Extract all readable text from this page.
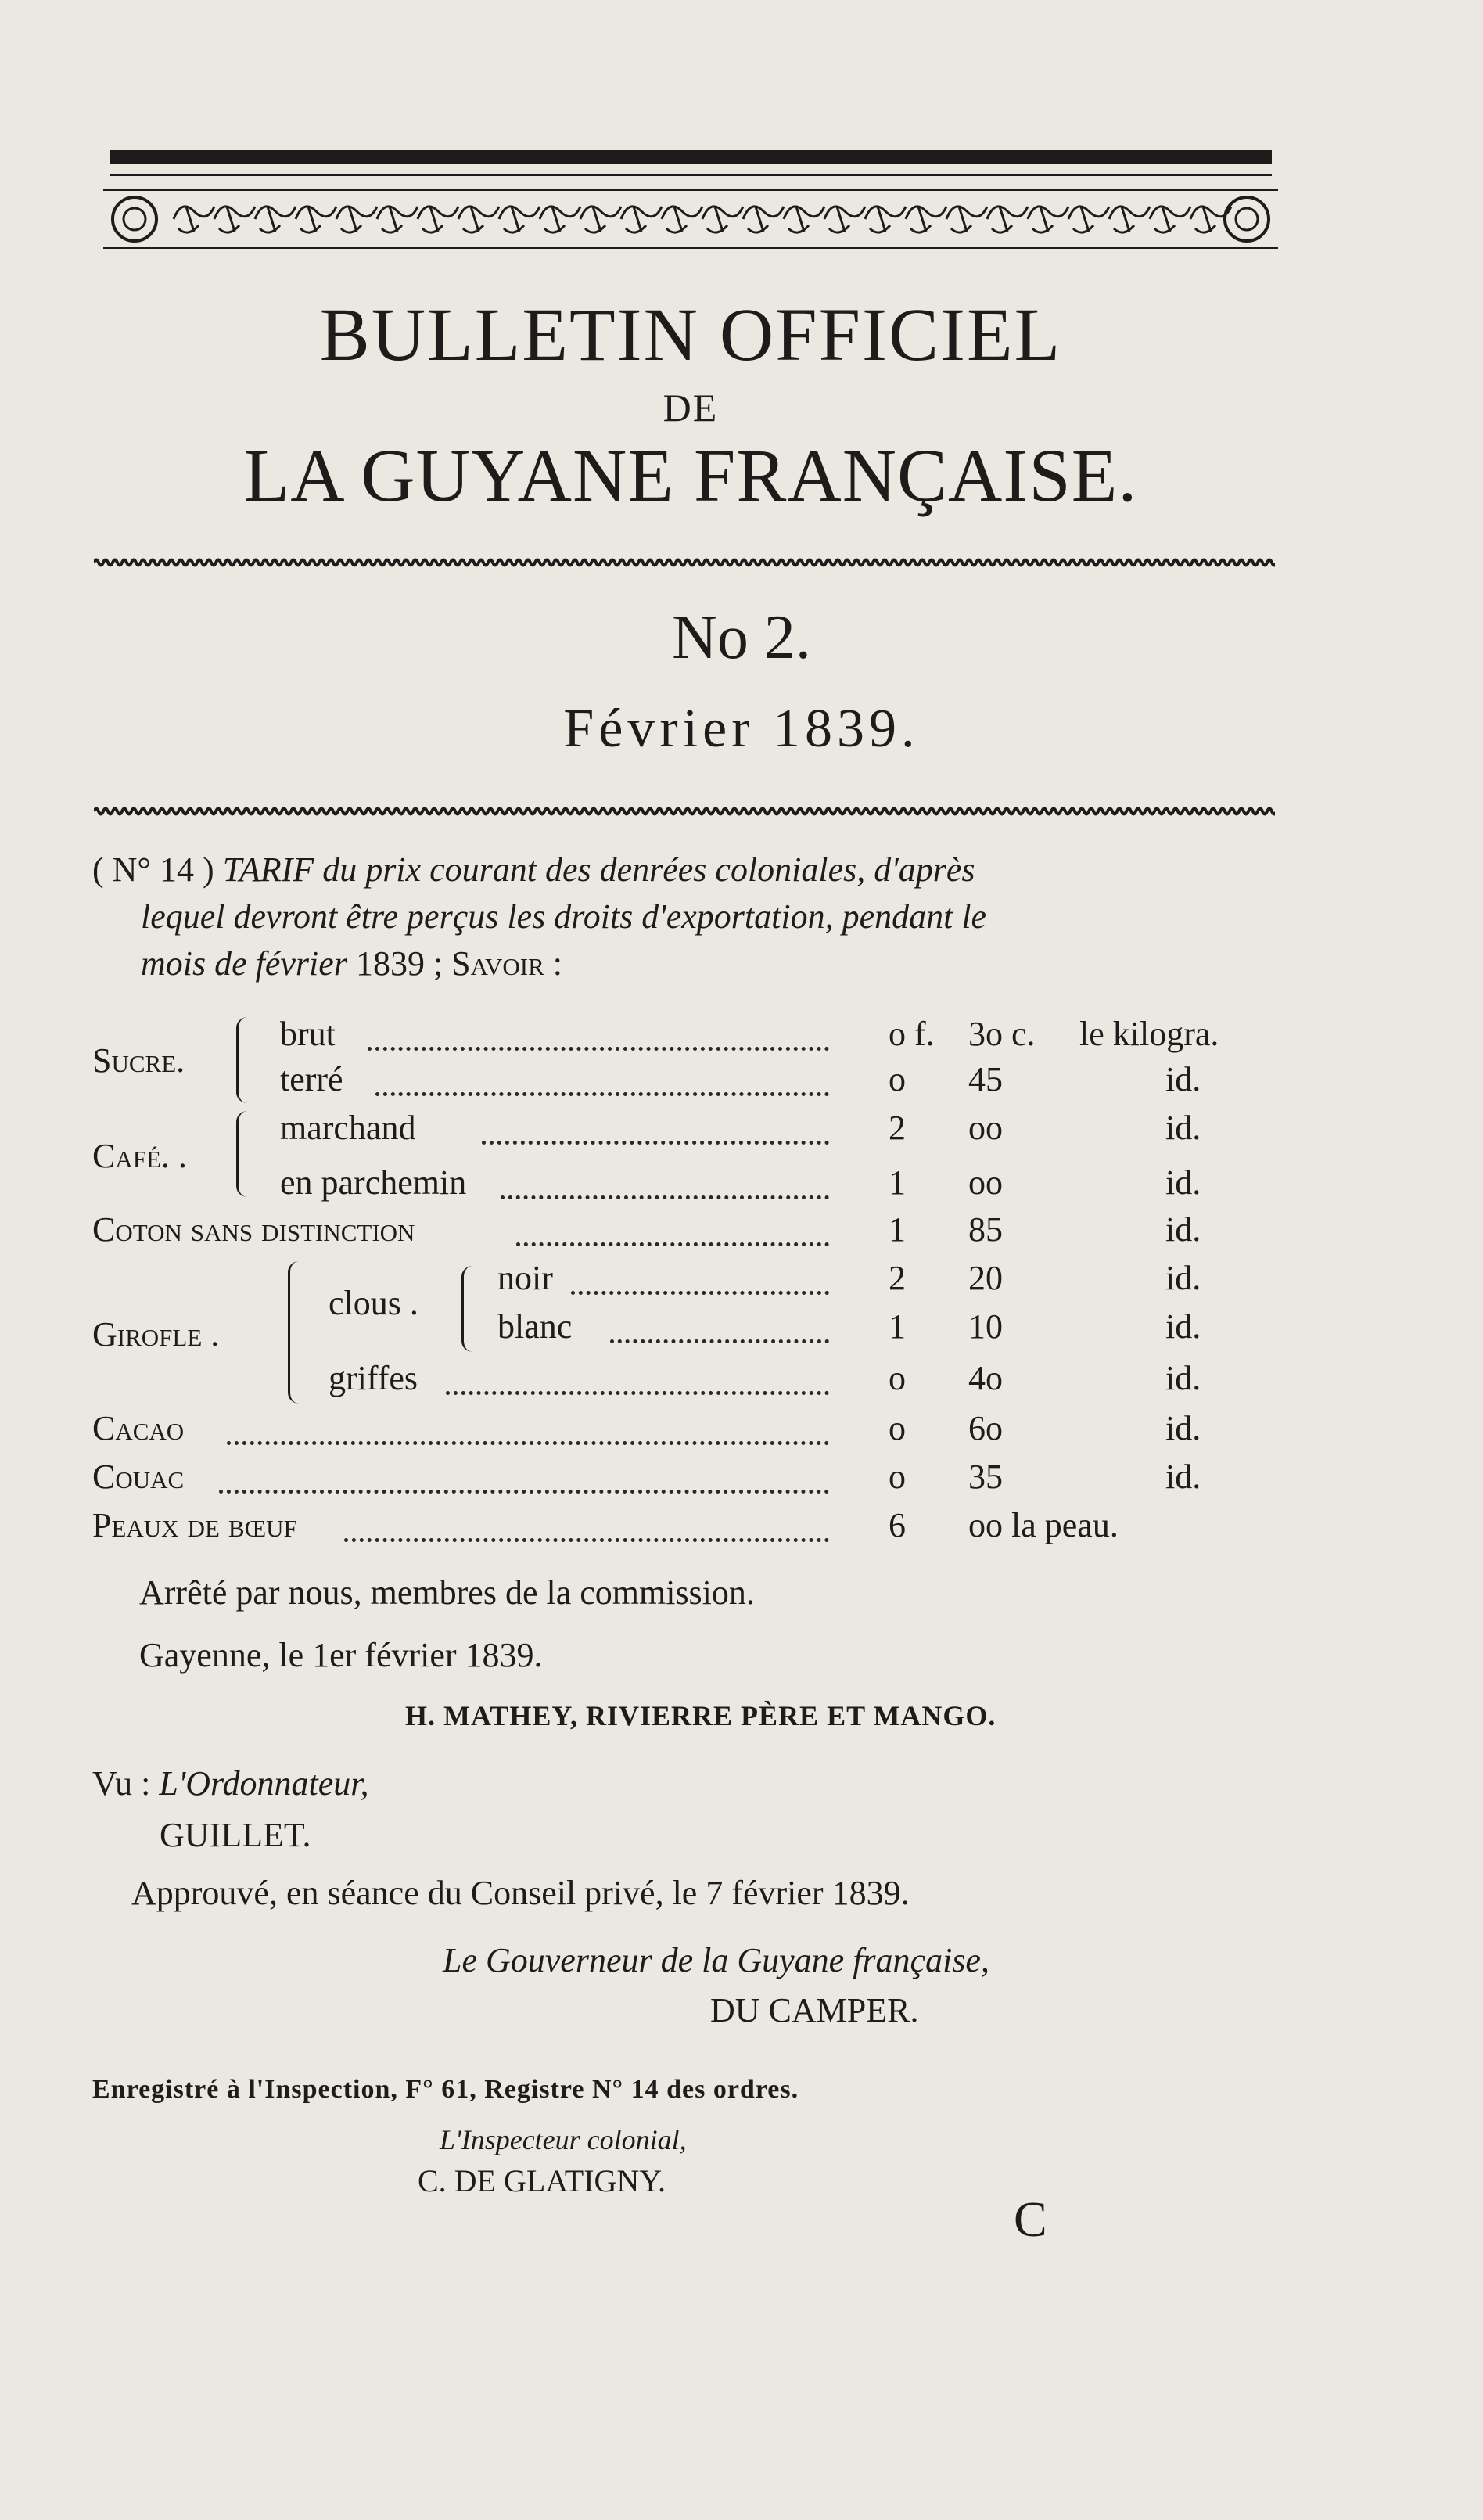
BULLETIN OFFICIEL
DE
LA GUYANE FRANÇAISE.
No 2.
Février 1839.
( N° 14 ) TARIF du prix courant des denrées coloniales, d'après
lequel devront être perçus les droits d'exportation, pendant le
mois de février 1839 ; Savoir :
Sucre.
Café. .
Girofle .
clous .
brut
terré
marchand
en parchemin
Coton sans distinction
noir
blanc
griffes
Cacao
Couac
Peaux de bœuf
o f.
o
2
1
1
2
1
o
o
o
6
3o c.
45
oo
oo
85
20
10
4o
6o
35
oo la peau.
le kilogra.
id.
id.
id.
id.
id.
id.
id.
id.
id.
Arrêté par nous, membres de la commission.
Gayenne, le 1er février 1839.
H. MATHEY, RIVIERRE PÈRE ET MANGO.
Vu : L'Ordonnateur,
GUILLET.
Approuvé, en séance du Conseil privé, le 7 février 1839.
Le Gouverneur de la Guyane française,
DU CAMPER.
Enregistré à l'Inspection, F° 61, Registre N° 14 des ordres.
L'Inspecteur colonial,
C. DE GLATIGNY.
C
